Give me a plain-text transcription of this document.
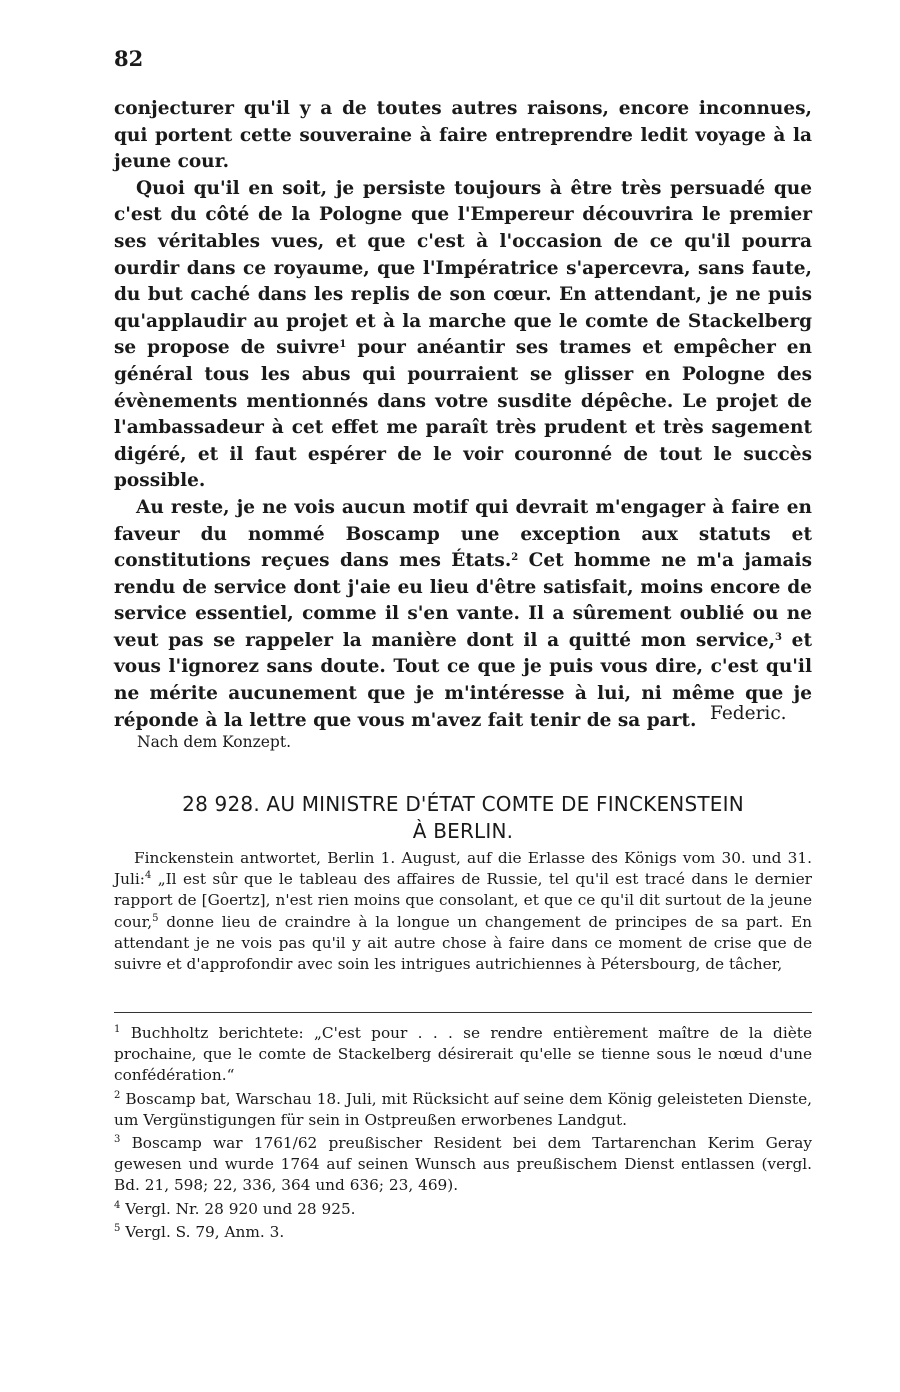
82

conjecturer qu'il y a de toutes autres raisons, encore inconnues, qui portent cette souveraine à faire entreprendre ledit voyage à la jeune cour.

Quoi qu'il en soit, je persiste toujours à être très persuadé que c'est du côté de la Pologne que l'Empereur découvrira le premier ses véritables vues, et que c'est à l'occasion de ce qu'il pourra ourdir dans ce royaume, que l'Impératrice s'apercevra, sans faute, du but caché dans les replis de son cœur. En attendant, je ne puis qu'applaudir au projet et à la marche que le comte de Stackelberg se propose de suivre$^1$ pour anéantir ses trames et empêcher en général tous les abus qui pourraient se glisser en Pologne des évènements mentionnés dans votre susdite dépêche. Le projet de l'ambassadeur à cet effet me paraît très prudent et très sagement digéré, et il faut espérer de le voir couronné de tout le succès possible.

Au reste, je ne vois aucun motif qui devrait m'engager à faire en faveur du nommé Boscamp une exception aux statuts et constitutions reçues dans mes États.$^2$ Cet homme ne m'a jamais rendu de service dont j'aie eu lieu d'être satisfait, moins encore de service essentiel, comme il s'en vante. Il a sûrement oublié ou ne veut pas se rappeler la manière dont il a quitté mon service,$^3$ et vous l'ignorez sans doute. Tout ce que je puis vous dire, c'est qu'il ne mérite aucunement que je m'intéresse à lui, ni même que je réponde à la lettre que vous m'avez fait tenir de sa part. Federic.
Nach dem Konzept.
28 928. AU MINISTRE D'ÉTAT COMTE DE FINCKENSTEIN
À BERLIN.

Finckenstein antwortet, Berlin 1. August, auf die Erlasse des Königs vom 30. und 31. Juli:$^4$ „Il est sûr que le tableau des affaires de Russie, tel qu'il est tracé dans le dernier rapport de [Goertz], n'est rien moins que consolant, et que ce qu'il dit surtout de la jeune cour,$^5$ donne lieu de craindre à la longue un changement de principes de sa part. En attendant je ne vois pas qu'il y ait autre chose à faire dans ce moment de crise que de suivre et d'approfondir avec soin les intrigues autrichiennes à Pétersbourg, de tâcher,

$^1$ Buchholtz berichtete: „C'est pour . . . se rendre entièrement maître de la diète prochaine, que le comte de Stackelberg désirerait qu'elle se tienne sous le nœud d'une confédération.“
$^2$ Boscamp bat, Warschau 18. Juli, mit Rücksicht auf seine dem König geleisteten Dienste, um Vergünstigungen für sein in Ostpreußen erworbenes Landgut.
$^3$ Boscamp war 1761/62 preußischer Resident bei dem Tartarenchan Kerim Geray gewesen und wurde 1764 auf seinen Wunsch aus preußischem Dienst entlassen (vergl. Bd. 21, 598; 22, 336, 364 und 636; 23, 469).
$^4$ Vergl. Nr. 28 920 und 28 925.
$^5$ Vergl. S. 79, Anm. 3.
